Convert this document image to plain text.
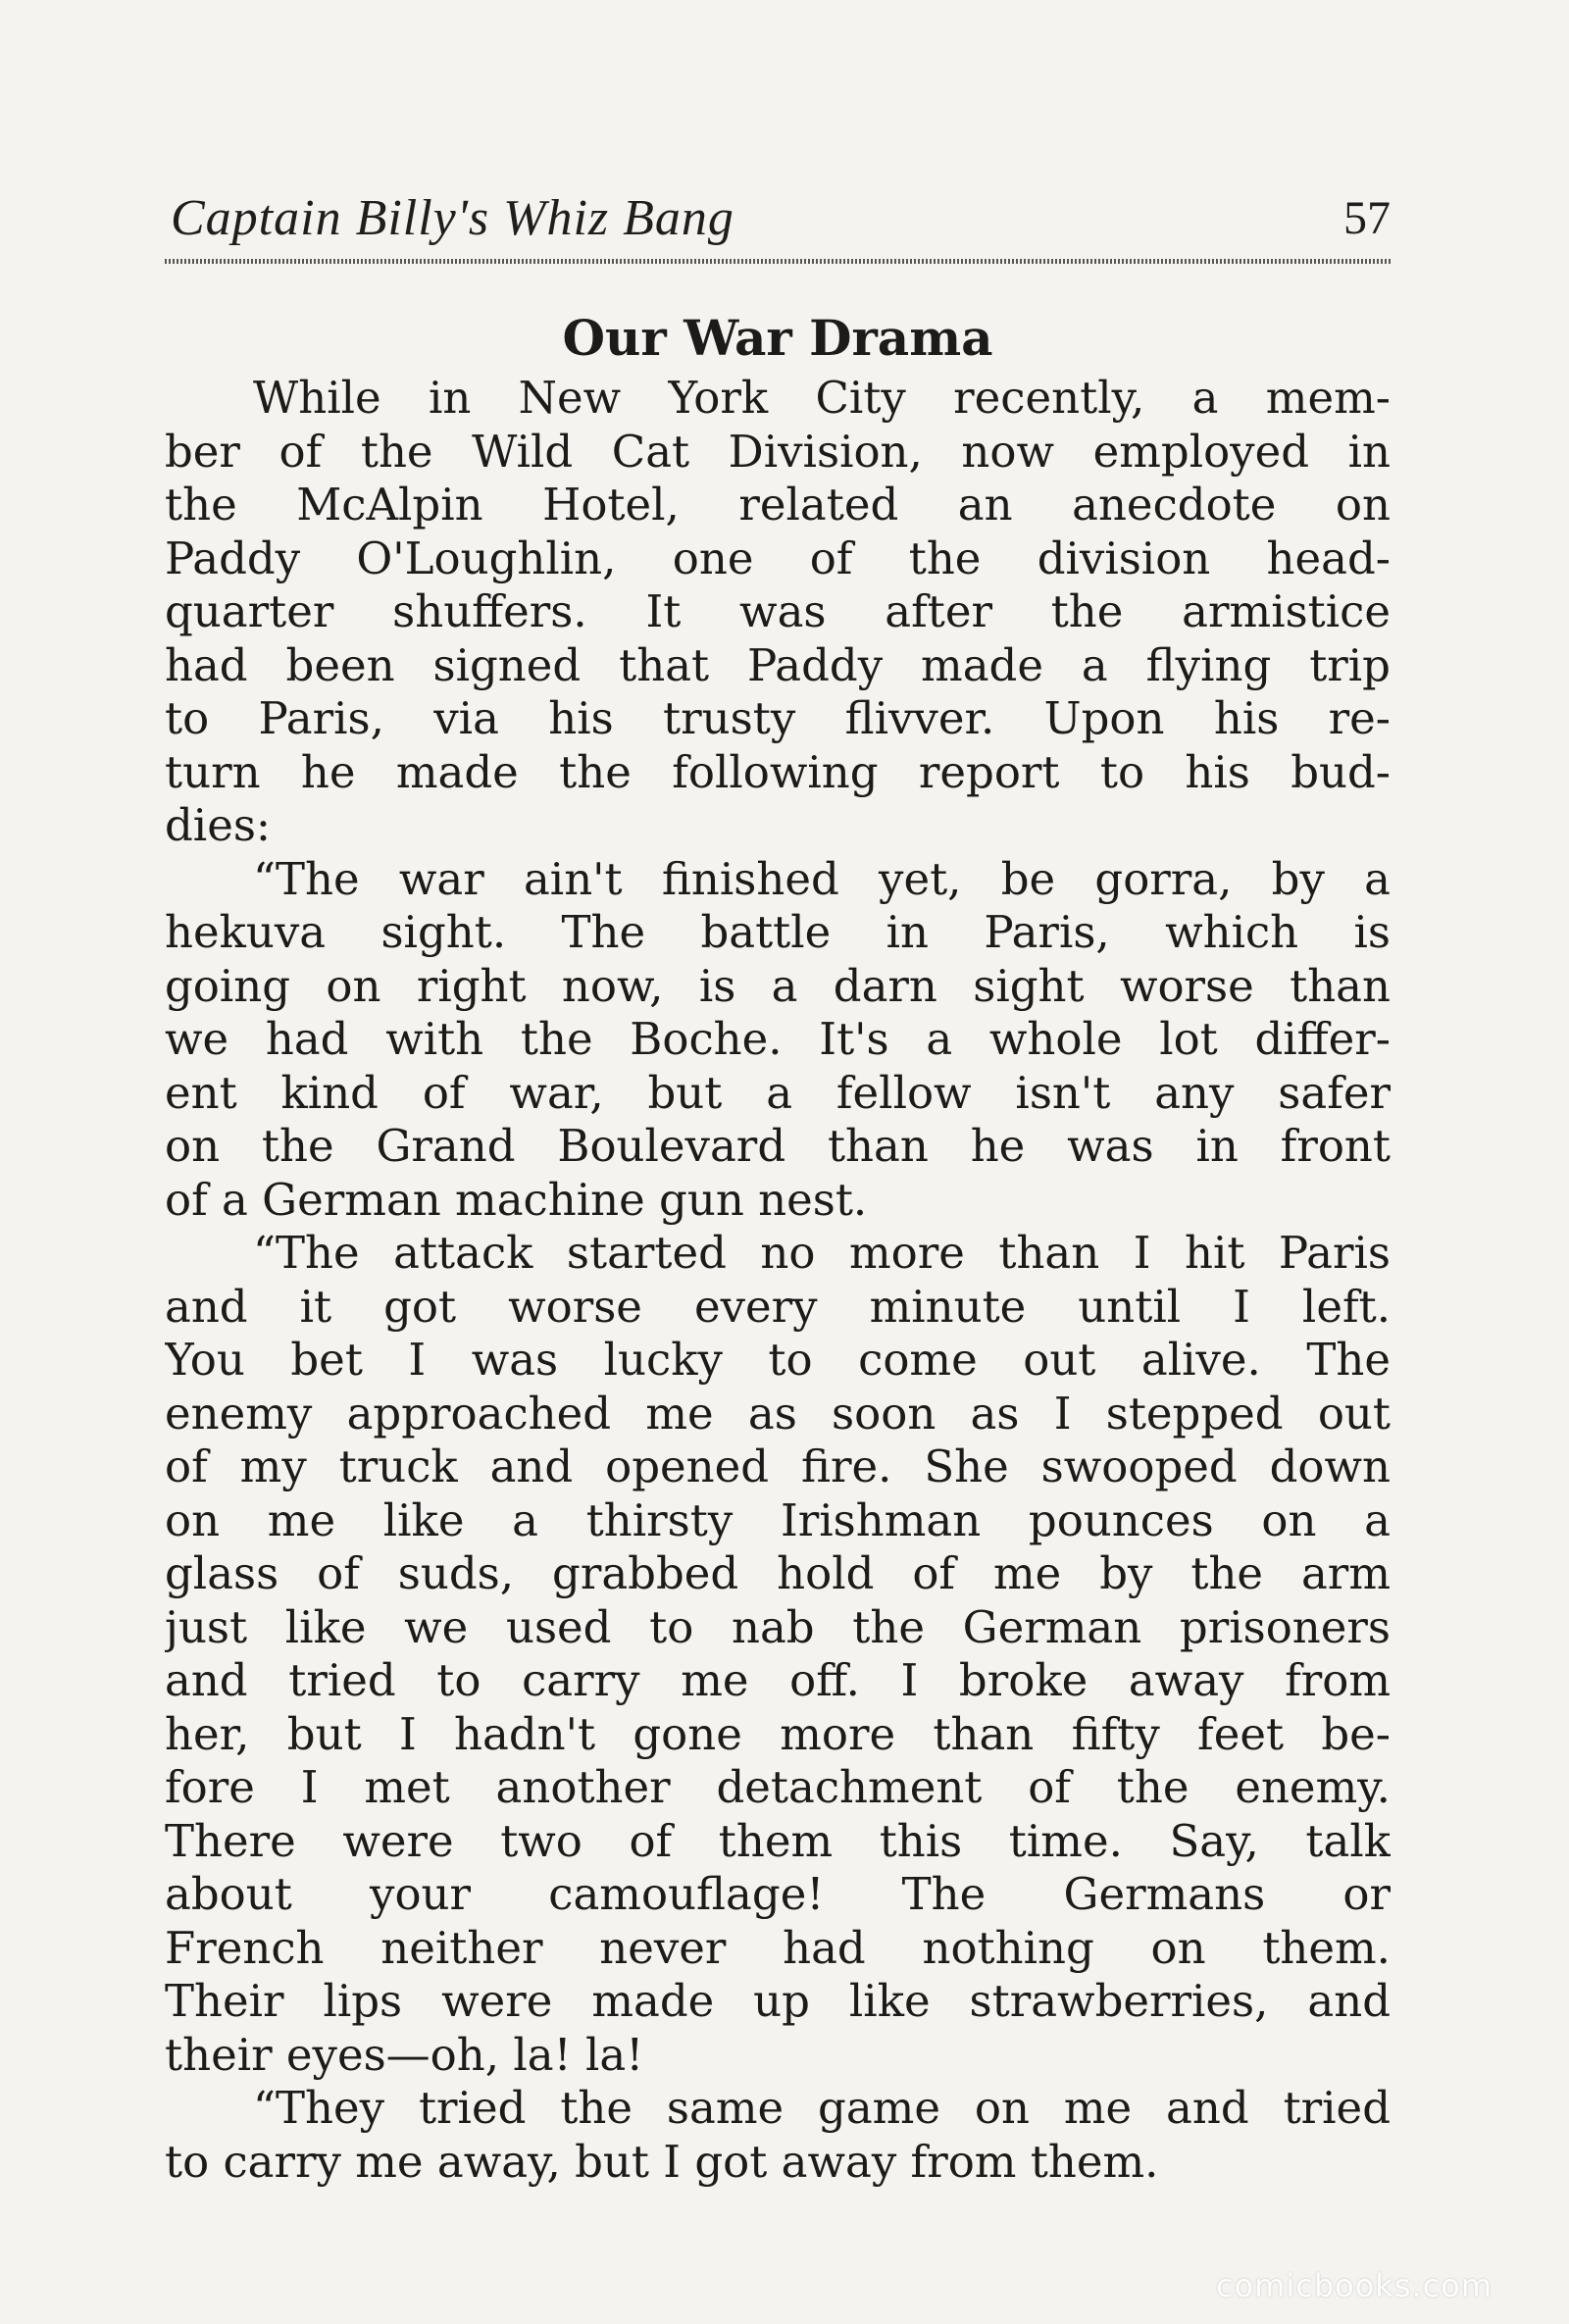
Captain Billy's Whiz Bang	57
Our War Drama
While in New York City recently, a mem-
ber of the Wild Cat Division, now employed in
the McAlpin Hotel, related an anecdote on
Paddy O'Loughlin, one of the division head-
quarter shuffers. It was after the armistice
had been signed that Paddy made a flying trip
to Paris, via his trusty flivver. Upon his re-
turn he made the following report to his bud-
dies:
“The war ain't finished yet, be gorra, by a
hekuva sight. The battle in Paris, which is
going on right now, is a darn sight worse than
we had with the Boche. It's a whole lot differ-
ent kind of war, but a fellow isn't any safer
on the Grand Boulevard than he was in front
of a German machine gun nest.
“The attack started no more than I hit Paris
and it got worse every minute until I left.
You bet I was lucky to come out alive. The
enemy approached me as soon as I stepped out
of my truck and opened fire. She swooped down
on me like a thirsty Irishman pounces on a
glass of suds, grabbed hold of me by the arm
just like we used to nab the German prisoners
and tried to carry me off. I broke away from
her, but I hadn't gone more than fifty feet be-
fore I met another detachment of the enemy.
There were two of them this time. Say, talk
about your camouflage! The Germans or
French neither never had nothing on them.
Their lips were made up like strawberries, and
their eyes—oh, la! la!
“They tried the same game on me and tried
to carry me away, but I got away from them.
comicbooks.com
